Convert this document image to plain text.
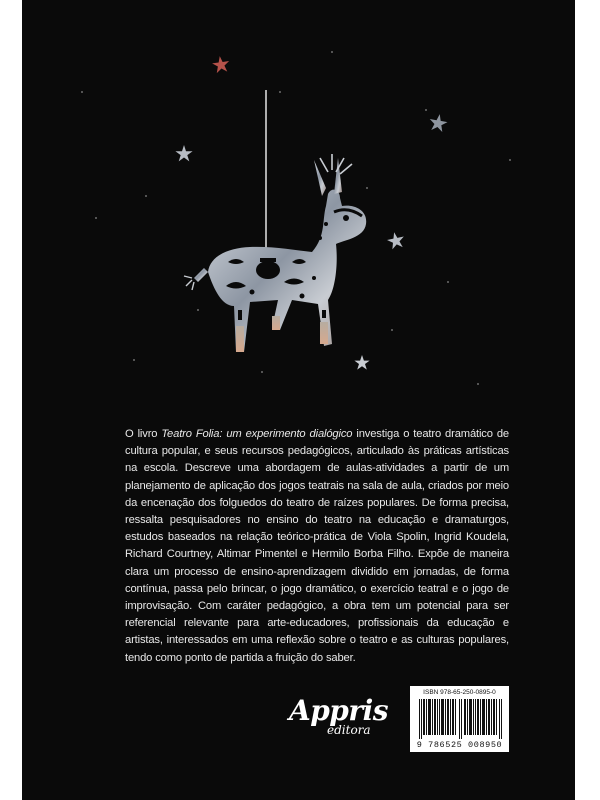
O livro Teatro Folia: um experimento dialógico investiga o teatro dramático de cultura popular, e seus recursos pedagógicos, articulado às práticas artísticas na escola. Descreve uma abordagem de aulas-atividades a partir de um planejamento de aplicação dos jogos teatrais na sala de aula, criados por meio da encenação dos folguedos do teatro de raízes populares. De forma precisa, ressalta pesquisadores no ensino do teatro na educação e dramaturgos, estudos baseados na relação teórico-prática de Viola Spolin, Ingrid Koudela, Richard Courtney, Altimar Pimentel e Hermilo Borba Filho. Expõe de maneira clara um processo de ensino-aprendizagem dividido em jornadas, de forma contínua, passa pelo brincar, o jogo dramático, o exercício teatral e o jogo de improvisação. Com caráter pedagógico, a obra tem um potencial para ser referencial relevante para arte-educadores, profissionais da educação e artistas, interessados em uma reflexão sobre o teatro e as culturas populares, tendo como ponto de partida a fruição do saber.

Appris
editora
ISBN 978-65-250-0895-0
9 786525 008950
